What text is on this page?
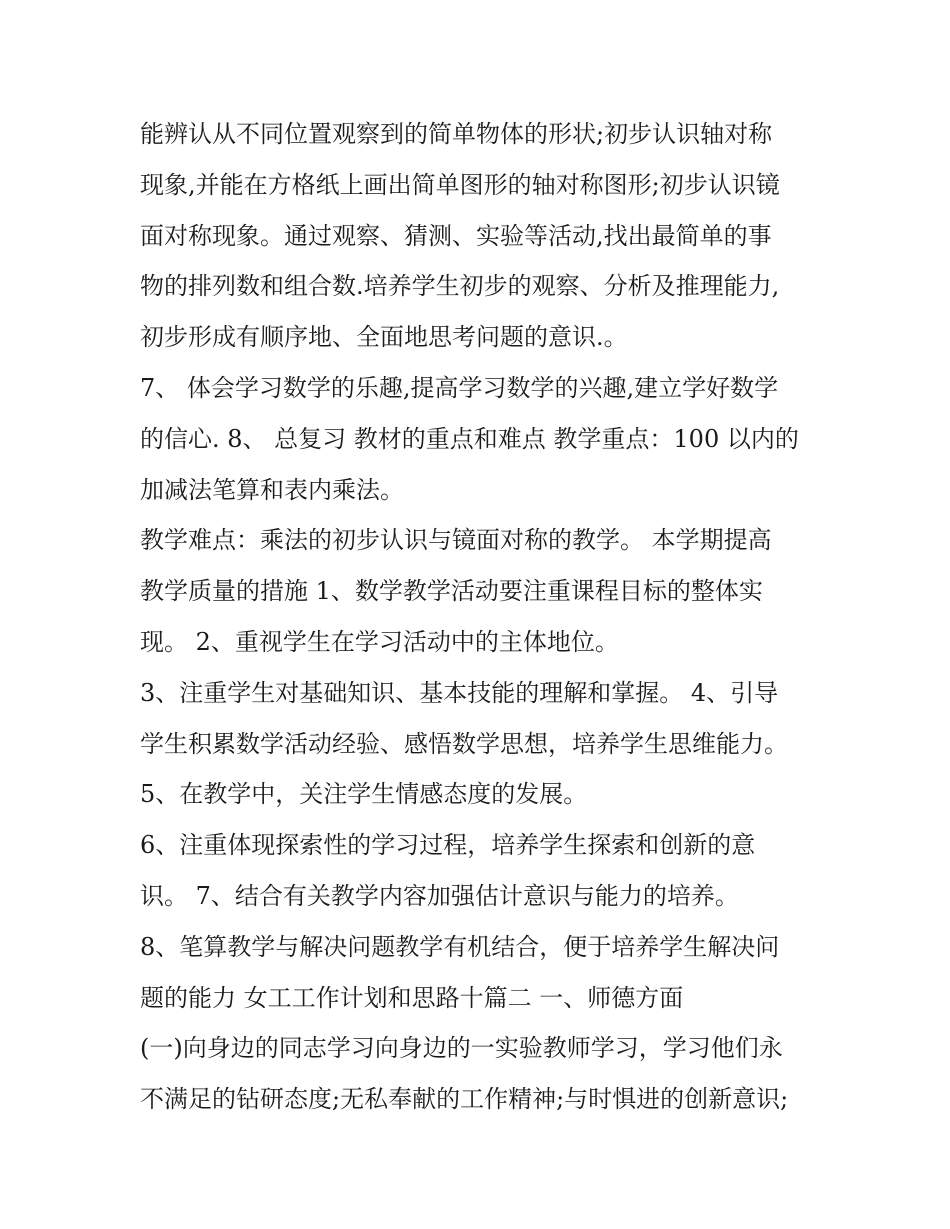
能辨认从不同位置观察到的简单物体的形状;初步认识轴对称
现象,并能在方格纸上画出简单图形的轴对称图形;初步认识镜
面对称现象。通过观察、猜测、实验等活动,找出最简单的事
物的排列数和组合数.培养学生初步的观察、分析及推理能力,
初步形成有顺序地、全面地思考问题的意识.。
7、 体会学习数学的乐趣,提高学习数学的兴趣,建立学好数学
的信心. 8、 总复习 教材的重点和难点 教学重点：100 以内的
加减法笔算和表内乘法。
教学难点：乘法的初步认识与镜面对称的教学。 本学期提高
教学质量的措施 1、数学教学活动要注重课程目标的整体实
现。 2、重视学生在学习活动中的主体地位。
3、注重学生对基础知识、基本技能的理解和掌握。 4、引导
学生积累数学活动经验、感悟数学思想，培养学生思维能力。
5、在教学中，关注学生情感态度的发展。
6、注重体现探索性的学习过程，培养学生探索和创新的意
识。 7、结合有关教学内容加强估计意识与能力的培养。
8、笔算教学与解决问题教学有机结合，便于培养学生解决问
题的能力 女工工作计划和思路十篇二 一、师德方面
(一)向身边的同志学习向身边的一实验教师学习，学习他们永
不满足的钻研态度;无私奉献的工作精神;与时惧进的创新意识;
